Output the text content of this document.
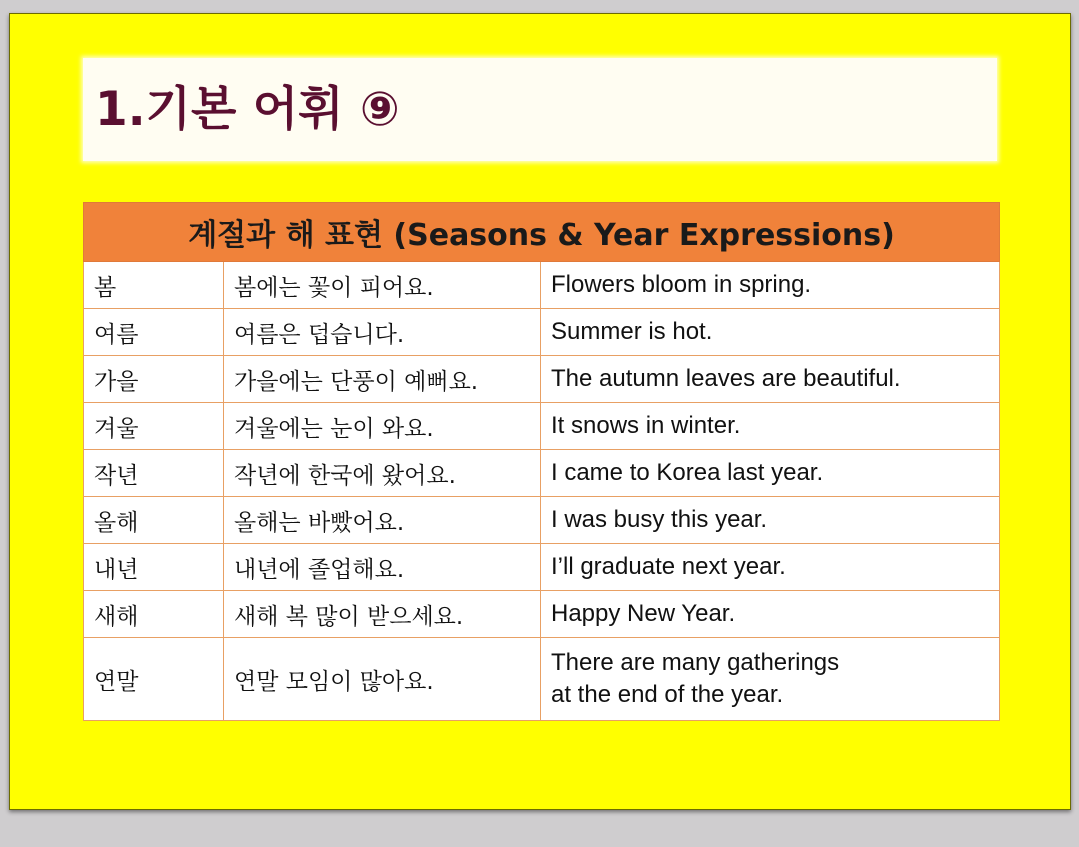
1.기본 어휘 ⑨
계절과 해 표현 (Seasons & Year Expressions)		
봄	봄에는 꽃이 피어요.	Flowers bloom in spring.
여름	여름은 덥습니다.	Summer is hot.
가을	가을에는 단풍이 예뻐요.	The autumn leaves are beautiful.
겨울	겨울에는 눈이 와요.	It snows in winter.
작년	작년에 한국에 왔어요.	I came to Korea last year.
올해	올해는 바빴어요.	I was busy this year.
내년	내년에 졸업해요.	I’ll graduate next year.
새해	새해 복 많이 받으세요.	Happy New Year.
연말	연말 모임이 많아요.	There are many gatherings
at the end of the year.
